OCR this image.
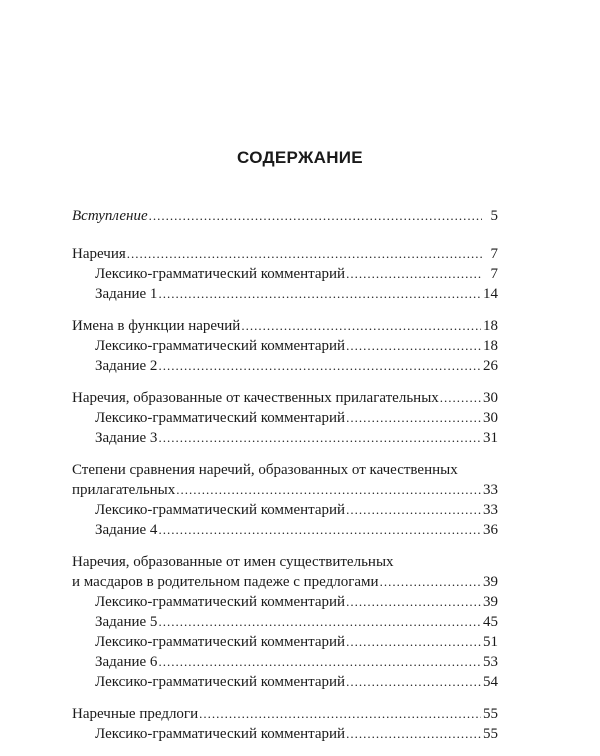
СОДЕРЖАНИЕ
Вступление .....	5
Наречия .....	7
Лексико-грамматический комментарий .....	7
Задание 1 .....	14
Имена в функции наречий .....	18
Лексико-грамматический комментарий .....	18
Задание 2 .....	26
Наречия, образованные от качественных прилагательных .....	30
Лексико-грамматический комментарий .....	30
Задание 3 .....	31
Степени сравнения наречий, образованных от качественных
прилагательных .....	33
Лексико-грамматический комментарий .....	33
Задание 4 .....	36
Наречия, образованные от имен существительных
и масдаров в родительном падеже с предлогами .....	39
Лексико-грамматический комментарий .....	39
Задание 5 .....	45
Лексико-грамматический комментарий .....	51
Задание 6 .....	53
Лексико-грамматический комментарий .....	54
Наречные предлоги .....	55
Лексико-грамматический комментарий .....	55
